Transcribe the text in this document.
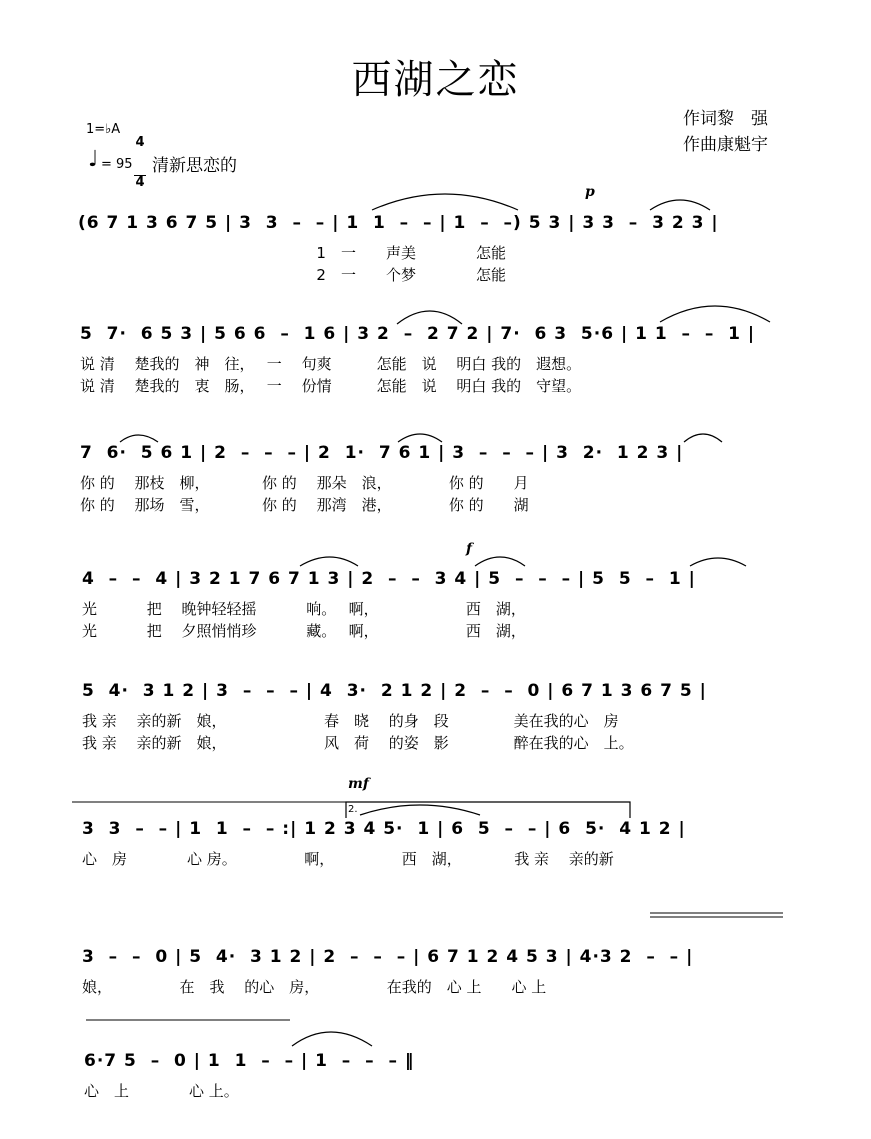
西湖之恋
作词黎　强
作曲康魁宇
1=♭A

4

4

♩ = 95 清新思恋的
p
f
mf
2.
(6 7 1 3 6 7 5 | 3  3  –  – | 1  1  –  – | 1  –  –) 5 3 | 3 3  –  3 2 3 |
1　一　　声美　　　　怎能
2　一　　个梦　　　　怎能
5  7·  6 5 3 | 5 6 6  –  1 6 | 3 2  –  2 7 2 | 7·  6 3  5·6 | 1 1  –  –  1 |
说 清　 楚我的　神　往，　 一　 句爽　　　怎能　说　 明白 我的　遐想。
说 清　 楚我的　衷　肠，　 一　 份情　　　怎能　说　 明白 我的　守望。
7  6·  5 6 1 | 2  –  –  – | 2  1·  7 6 1 | 3  –  –  – | 3  2·  1 2 3 |
你 的　 那枝　柳，　　　　你 的　 那朵　浪，　　　　 你 的　　月
你 的　 那场　雪，　　　　你 的　 那湾　港，　　　　 你 的　　湖
4  –  –  4 | 3 2 1 7 6 7 1 3 | 2  –  –  3 4 | 5  –  –  – | 5  5  –  1 |
光　　　 把　 晚钟轻轻摇　　　 响。　 啊，　　　　　　 西　湖，
光　　　 把　 夕照悄悄珍　　　 藏。　 啊，　　　　　　 西　湖，
5  4·  3 1 2 | 3  –  –  – | 4  3·  2 1 2 | 2  –  –  0 | 6 7 1 3 6 7 5 |
我 亲　 亲的新　娘，　　　　　　　春　晓　 的身　段　　　　 美在我的心　房
我 亲　 亲的新　娘，　　　　　　　风　荷　 的姿　影　　　　 醉在我的心　上。
3  3  –  – | 1  1  –  – :| 1 2 3 4 5·  1 | 6  5  –  – | 6  5·  4 1 2 |
心　房　　　　心 房。　　　　　啊，　　　　　西　湖，　　　　我 亲　 亲的新
3  –  –  0 | 5  4·  3 1 2 | 2  –  –  – | 6 7 1 2 4 5 3 | 4·3 2  –  – |
娘，　　　　　在　我　 的心　房，　　　　　在我的　心 上　　心 上
6·7 5  –  0 | 1  1  –  – | 1  –  –  – ‖
心　上　　　　心 上。
